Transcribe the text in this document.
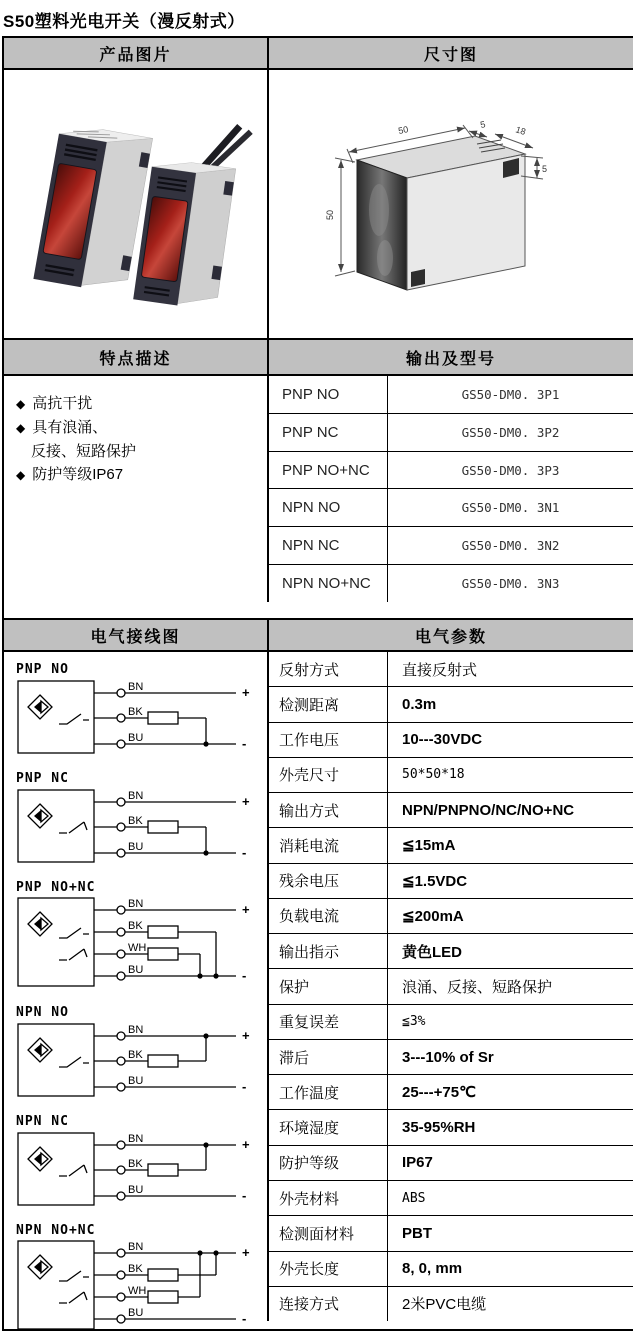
S50塑料光电开关（漫反射式）
产品图片	尺寸图
50	5	18
50
5
特点描述	输出及型号
◆ 高抗干扰
◆ 具有浪涌、
反接、短路保护
◆ 防护等级IP67
PNP NO	GS50-DM0. 3P1
PNP NC	GS50-DM0. 3P2
PNP NO+NC	GS50-DM0. 3P3
NPN NO	GS50-DM0. 3N1
NPN NC	GS50-DM0. 3N2
NPN NO+NC	GS50-DM0. 3N3
电气接线图	电气参数
PNP NO
BN	+
BK
BU	-
PNP NC
BN	+
BK
BU	-
PNP NO+NC
BN	+
BK
WH
BU	-
NPN NO
BN	+
BK
BU	-
NPN NC
BN	+
BK
BU	-
NPN NO+NC
BN	+
BK
WH
BU	-
反射方式	直接反射式
检测距离	0.3m
工作电压	10---30VDC
外壳尺寸	50*50*18
输出方式	NPN/PNPNO/NC/NO+NC
消耗电流	≦15mA
残余电压	≦1.5VDC
负载电流	≦200mA
输出指示	黄色LED
保护	浪涌、反接、短路保护
重复误差	≦3%
滞后	3---10% of Sr
工作温度	25---+75℃
环境湿度	35-95%RH
防护等级	IP67
外壳材料	ABS
检测面材料	PBT
外壳长度	8, 0, mm
连接方式	2米PVC电缆
